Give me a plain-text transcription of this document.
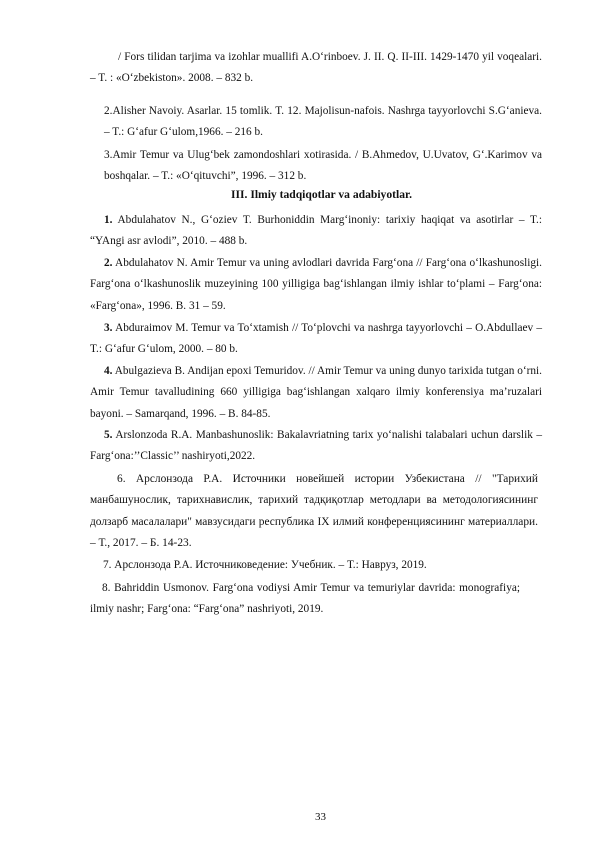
/ Fors tilidan tarjima va izohlar muallifi A.O‘rinboev. J. II. Q. II-III. 1429-1470 yil voqealari. – T. : «O‘zbekiston». 2008. – 832 b.

2.Alisher Navoiy. Asarlar. 15 tomlik. T. 12. Majolisun-nafois. Nashrga tayyorlovchi S.G‘anieva. – T.: G‘afur G‘ulom,1966. – 216 b.

3.Amir Temur va Ulug‘bek zamondoshlari xotirasida. / B.Ahmedov, U.Uvatov, G‘.Karimov va boshqalar. – T.: «O‘qituvchi”, 1996. – 312 b.

III. Ilmiy tadqiqotlar va adabiyotlar.

1. Abdulahatov N., G‘oziev T. Burhoniddin Marg‘inoniy: tarixiy haqiqat va asotirlar – T.: “YAngi asr avlodi”, 2010. – 488 b.

2. Abdulahatov N. Amir Temur va uning avlodlari davrida Farg‘ona // Farg‘ona o‘lkashunosligi. Farg‘ona o‘lkashunoslik muzeyining 100 yilligiga bag‘ishlangan ilmiy ishlar to‘plami – Farg‘ona: «Farg‘ona», 1996. B. 31 – 59.

3. Abduraimov M. Temur va To‘xtamish // To‘plovchi va nashrga tayyorlovchi – O.Abdullaev – T.: G‘afur G‘ulom, 2000. – 80 b.

4. Abulgazieva B. Andijan epoxi Temuridov. // Amir Temur va uning dunyo tarixida tutgan o‘rni. Amir Temur tavalludining 660 yilligiga bag‘ishlangan xalqaro ilmiy konferensiya ma’ruzalari bayoni. – Samarqand, 1996. – B. 84-85.

5. Arslonzoda R.A. Manbashunoslik: Bakalavriatning tarix yo‘nalishi talabalari uchun darslik – Farg‘ona:’’Classic’’ nashiryoti,2022.

6. Арслонзода Р.А. Источники новейшей истории Узбекистана // "Тарихий манбашунослик, тарихнавислик, тарихий тадқиқотлар методлари ва методологиясининг долзарб масалалари" мавзусидаги республика IX илмий конференциясининг материаллари. – Т., 2017. – Б. 14-23.

7. Арслонзода Р.А. Источниковедение: Учебник. – Т.: Навруз, 2019.

8. Bahriddin Usmonov. Farg‘ona vodiysi Amir Temur va temuriylar davrida: monografiya; ilmiy nashr; Farg‘ona: “Farg‘ona” nashriyoti, 2019.

33
